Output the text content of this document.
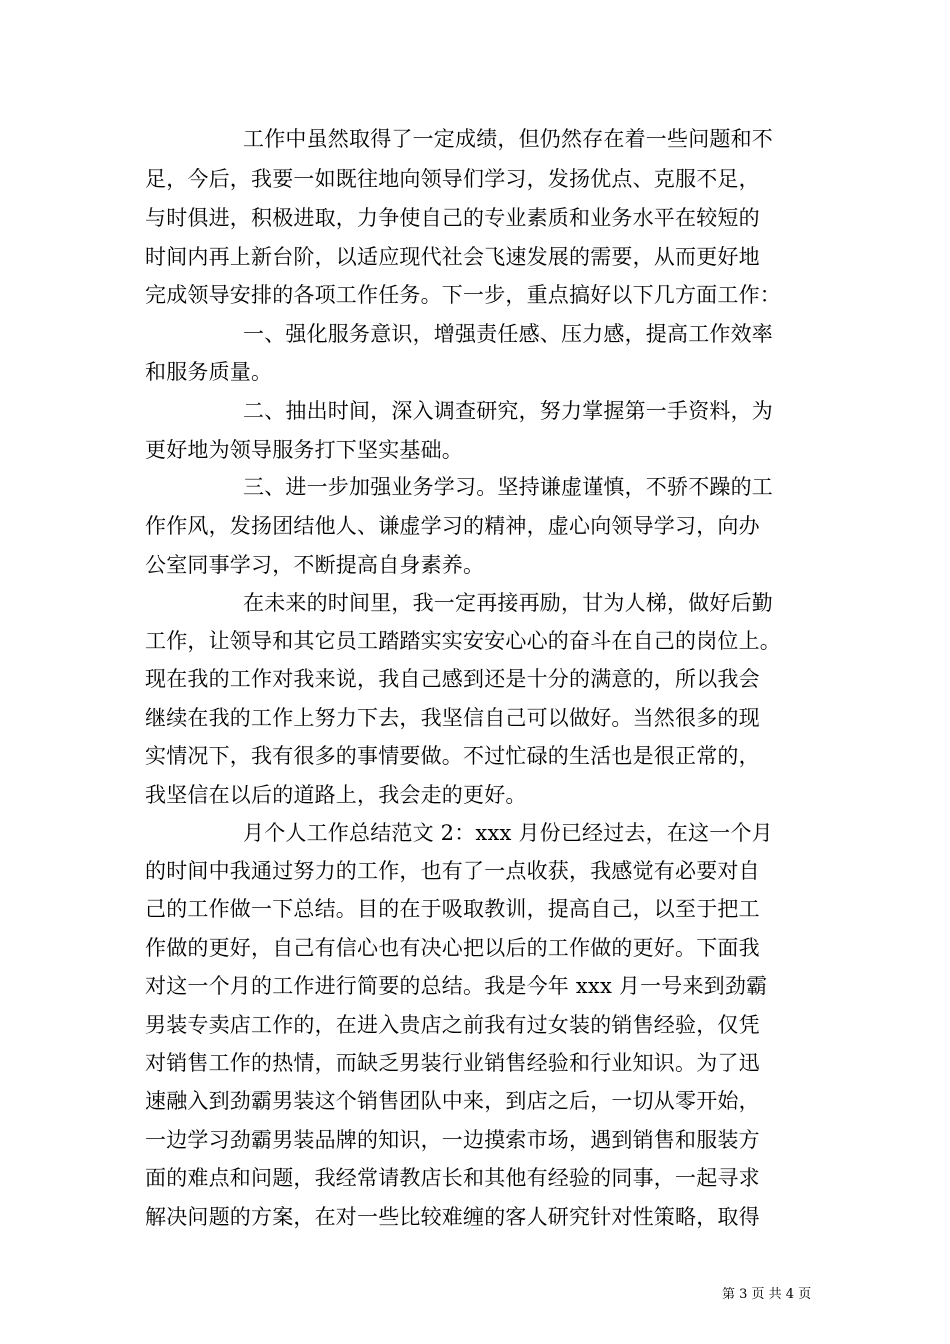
工作中虽然取得了一定成绩，但仍然存在着一些问题和不

足，今后，我要一如既往地向领导们学习，发扬优点、克服不足，

与时俱进，积极进取，力争使自己的专业素质和业务水平在较短的

时间内再上新台阶，以适应现代社会飞速发展的需要，从而更好地

完成领导安排的各项工作任务。下一步，重点搞好以下几方面工作：

一、强化服务意识，增强责任感、压力感，提高工作效率

和服务质量。

二、抽出时间，深入调查研究，努力掌握第一手资料，为

更好地为领导服务打下坚实基础。

三、进一步加强业务学习。坚持谦虚谨慎，不骄不躁的工

作作风，发扬团结他人、谦虚学习的精神，虚心向领导学习，向办

公室同事学习，不断提高自身素养。

在未来的时间里，我一定再接再励，甘为人梯，做好后勤

工作，让领导和其它员工踏踏实实安安心心的奋斗在自己的岗位上。

现在我的工作对我来说，我自己感到还是十分的满意的，所以我会

继续在我的工作上努力下去，我坚信自己可以做好。当然很多的现

实情况下，我有很多的事情要做。不过忙碌的生活也是很正常的，

我坚信在以后的道路上，我会走的更好。

月个人工作总结范文 2：xxx 月份已经过去，在这一个月

的时间中我通过努力的工作，也有了一点收获，我感觉有必要对自

己的工作做一下总结。目的在于吸取教训，提高自己，以至于把工

作做的更好，自己有信心也有决心把以后的工作做的更好。下面我

对这一个月的工作进行简要的总结。我是今年 xxx 月一号来到劲霸

男装专卖店工作的，在进入贵店之前我有过女装的销售经验，仅凭

对销售工作的热情，而缺乏男装行业销售经验和行业知识。为了迅

速融入到劲霸男装这个销售团队中来，到店之后，一切从零开始，

一边学习劲霸男装品牌的知识，一边摸索市场，遇到销售和服装方

面的难点和问题，我经常请教店长和其他有经验的同事，一起寻求

解决问题的方案，在对一些比较难缠的客人研究针对性策略，取得

第 3 页 共 4 页
